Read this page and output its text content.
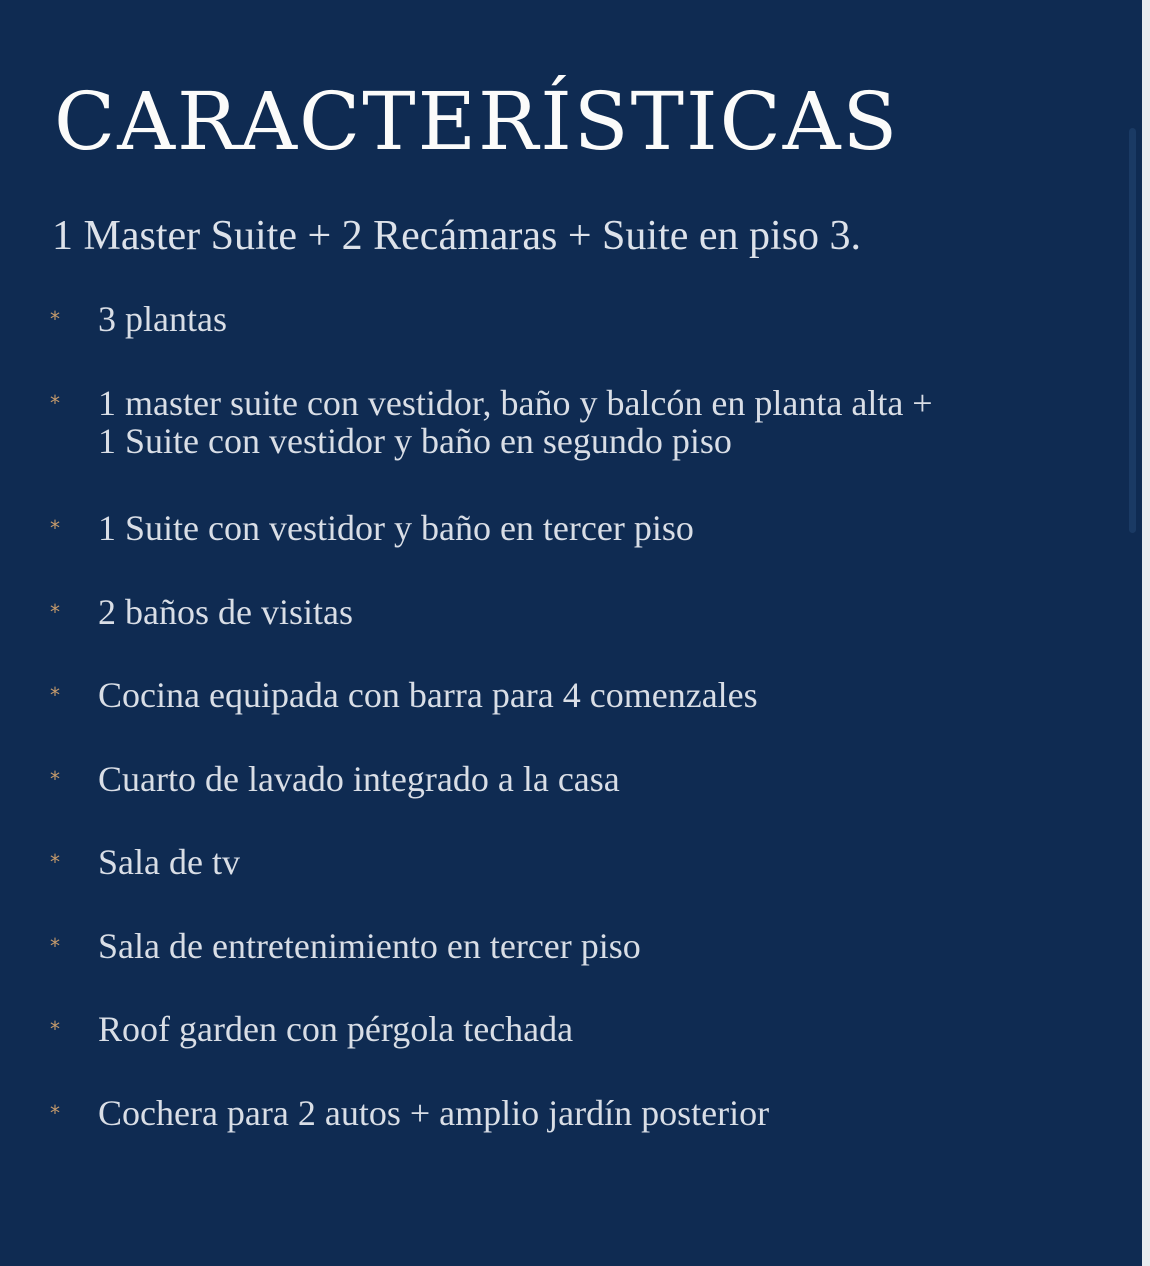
CARACTERÍSTICAS

1 Master Suite + 2 Recámaras + Suite en piso 3.

*	3 plantas
*	1 master suite con vestidor, baño y balcón en planta alta +
1 Suite con vestidor y baño en segundo piso
*	1 Suite con vestidor y baño en tercer piso
*	2 baños de visitas
*	Cocina equipada con barra para 4 comenzales
*	Cuarto de lavado integrado a la casa
*	Sala de tv
*	Sala de entretenimiento en tercer piso
*	Roof garden con pérgola techada
*	Cochera para 2 autos + amplio jardín posterior
